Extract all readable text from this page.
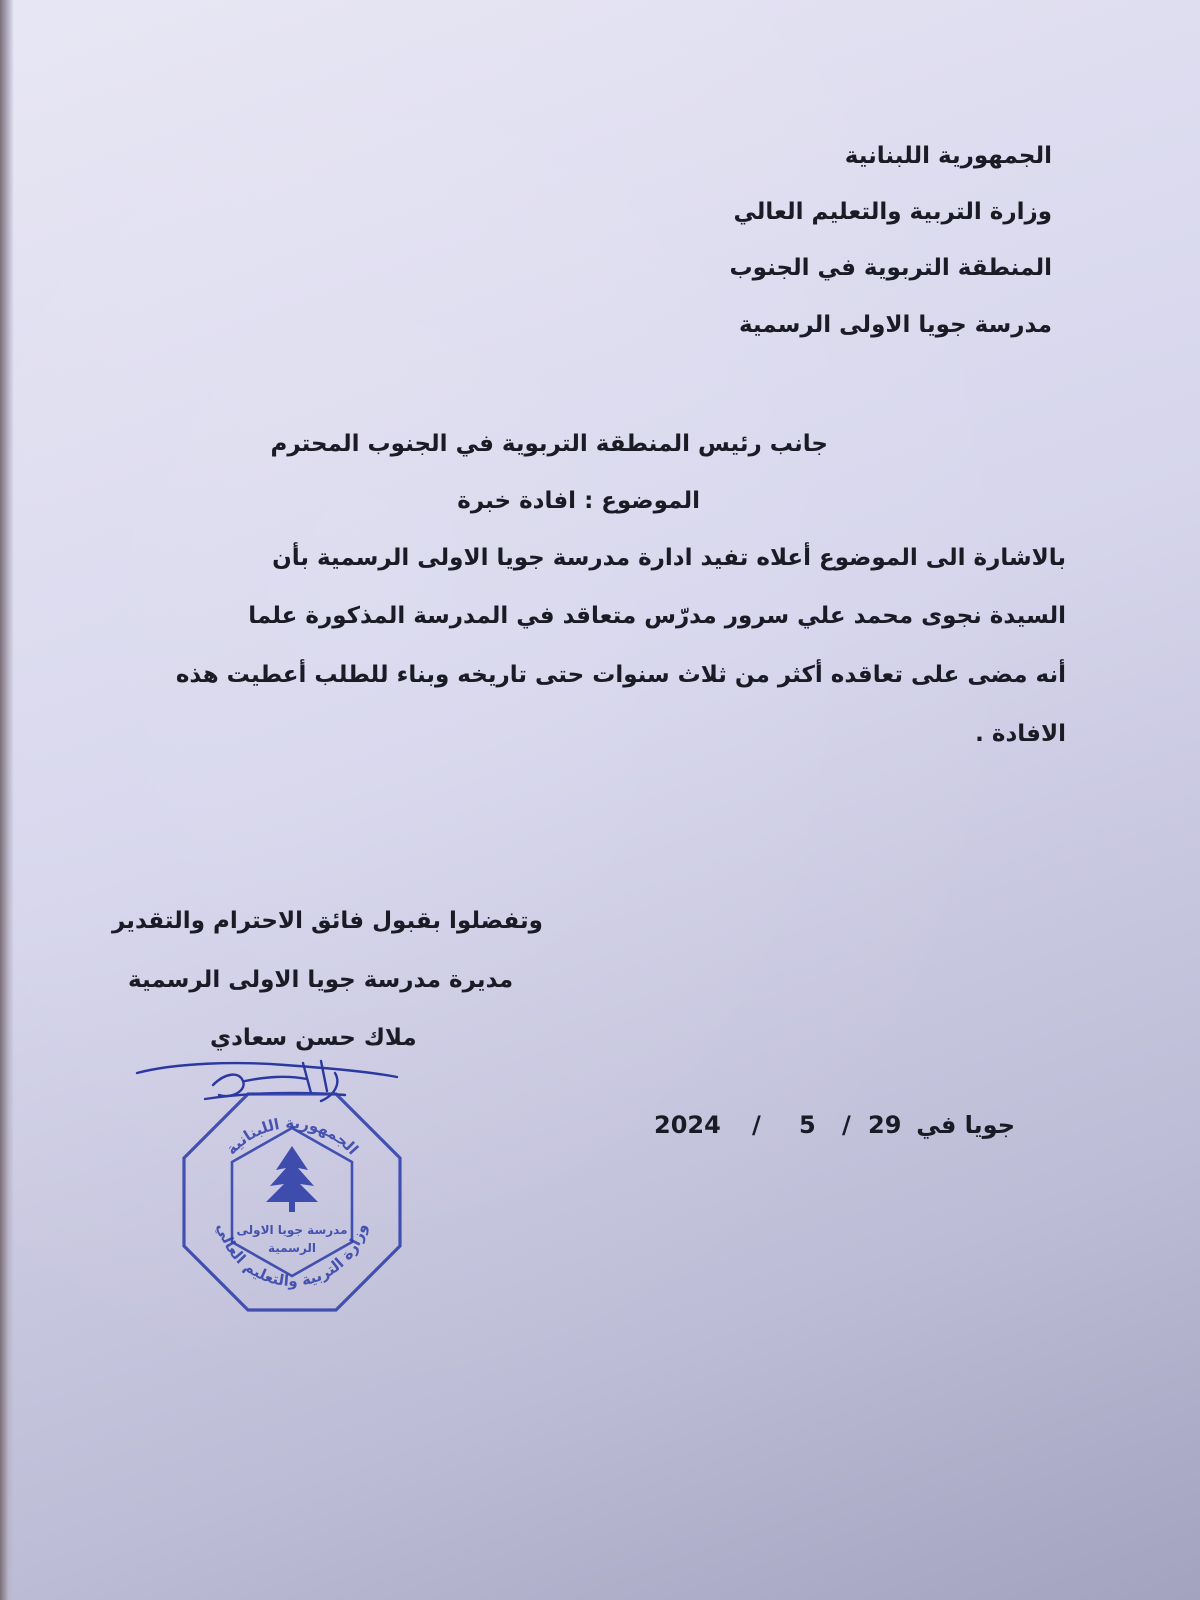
الجمهورية اللبنانية
وزارة التربية والتعليم العالي
المنطقة التربوية في الجنوب
مدرسة جويا الاولى الرسمية
جانب رئيس المنطقة التربوية في الجنوب المحترم
الموضوع : افادة خبرة
بالاشارة الى الموضوع أعلاه تفيد ادارة مدرسة جويا الاولى الرسمية بأن
السيدة نجوى محمد علي سرور مدرّس متعاقد في المدرسة المذكورة علما
أنه مضى على تعاقده أكثر من ثلاث سنوات حتى تاريخه وبناء للطلب أعطيت هذه
الافادة .
وتفضلوا بقبول فائق الاحترام والتقدير
مديرة مدرسة جويا الاولى الرسمية
ملاك حسن سعادي
جويا في
29
/
5
/
2024
الجمهورية اللبنانية
وزارة التربية والتعليم العالي
مدرسة جويا الاولى
الرسمية
